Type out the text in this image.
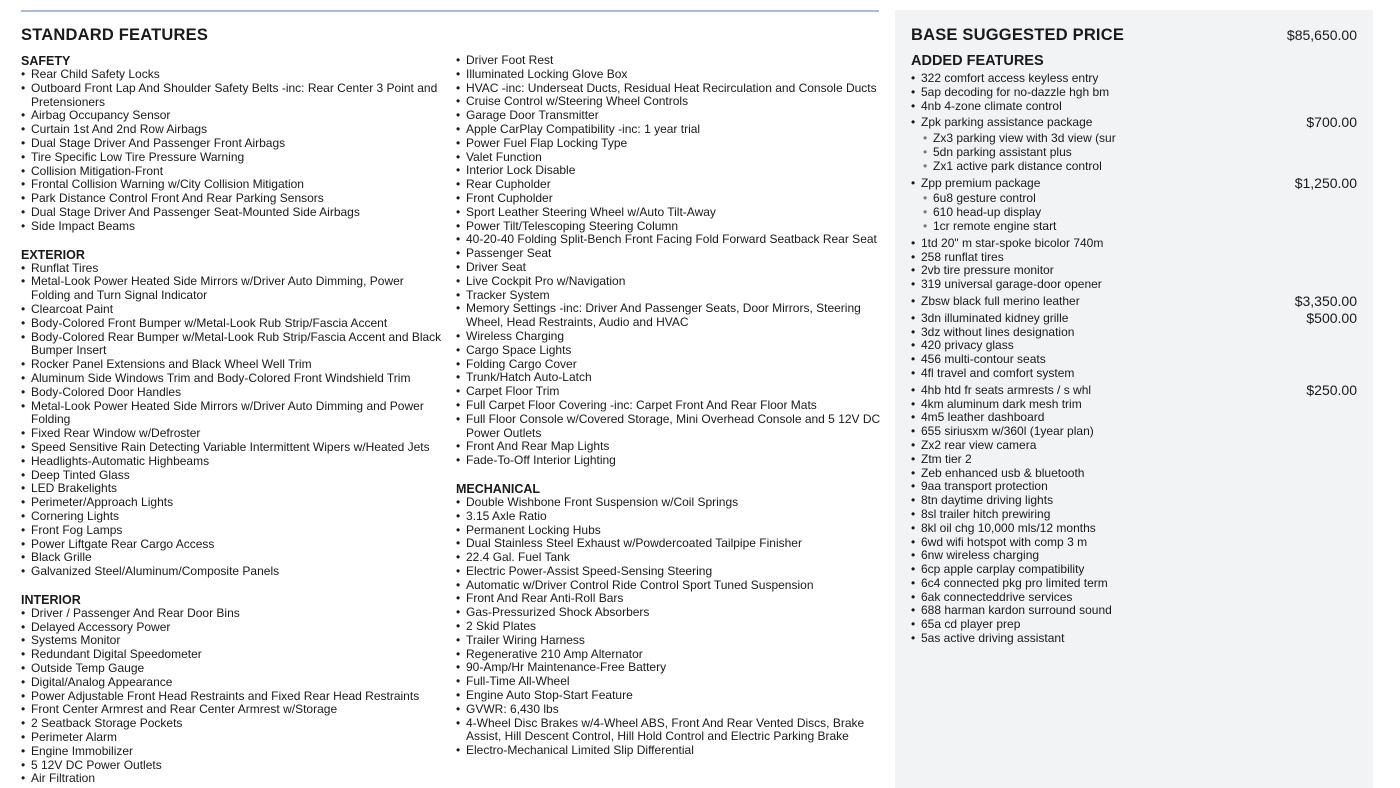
STANDARD FEATURES
SAFETY
• Rear Child Safety Locks
• Outboard Front Lap And Shoulder Safety Belts -inc: Rear Center 3 Point and Pretensioners
• Airbag Occupancy Sensor
• Curtain 1st And 2nd Row Airbags
• Dual Stage Driver And Passenger Front Airbags
• Tire Specific Low Tire Pressure Warning
• Collision Mitigation-Front
• Frontal Collision Warning w/City Collision Mitigation
• Park Distance Control Front And Rear Parking Sensors
• Dual Stage Driver And Passenger Seat-Mounted Side Airbags
• Side Impact Beams
EXTERIOR
• Runflat Tires
• Metal-Look Power Heated Side Mirrors w/Driver Auto Dimming, Power Folding and Turn Signal Indicator
• Clearcoat Paint
• Body-Colored Front Bumper w/Metal-Look Rub Strip/Fascia Accent
• Body-Colored Rear Bumper w/Metal-Look Rub Strip/Fascia Accent and Black Bumper Insert
• Rocker Panel Extensions and Black Wheel Well Trim
• Aluminum Side Windows Trim and Body-Colored Front Windshield Trim
• Body-Colored Door Handles
• Metal-Look Power Heated Side Mirrors w/Driver Auto Dimming and Power Folding
• Fixed Rear Window w/Defroster
• Speed Sensitive Rain Detecting Variable Intermittent Wipers w/Heated Jets
• Headlights-Automatic Highbeams
• Deep Tinted Glass
• LED Brakelights
• Perimeter/Approach Lights
• Cornering Lights
• Front Fog Lamps
• Power Liftgate Rear Cargo Access
• Black Grille
• Galvanized Steel/Aluminum/Composite Panels
INTERIOR
• Driver / Passenger And Rear Door Bins
• Delayed Accessory Power
• Systems Monitor
• Redundant Digital Speedometer
• Outside Temp Gauge
• Digital/Analog Appearance
• Power Adjustable Front Head Restraints and Fixed Rear Head Restraints
• Front Center Armrest and Rear Center Armrest w/Storage
• 2 Seatback Storage Pockets
• Perimeter Alarm
• Engine Immobilizer
• 5 12V DC Power Outlets
• Air Filtration
• Driver Foot Rest
• Illuminated Locking Glove Box
• HVAC -inc: Underseat Ducts, Residual Heat Recirculation and Console Ducts
• Cruise Control w/Steering Wheel Controls
• Garage Door Transmitter
• Apple CarPlay Compatibility -inc: 1 year trial
• Power Fuel Flap Locking Type
• Valet Function
• Interior Lock Disable
• Rear Cupholder
• Front Cupholder
• Sport Leather Steering Wheel w/Auto Tilt-Away
• Power Tilt/Telescoping Steering Column
• 40-20-40 Folding Split-Bench Front Facing Fold Forward Seatback Rear Seat
• Passenger Seat
• Driver Seat
• Live Cockpit Pro w/Navigation
• Tracker System
• Memory Settings -inc: Driver And Passenger Seats, Door Mirrors, Steering Wheel, Head Restraints, Audio and HVAC
• Wireless Charging
• Cargo Space Lights
• Folding Cargo Cover
• Trunk/Hatch Auto-Latch
• Carpet Floor Trim
• Full Carpet Floor Covering -inc: Carpet Front And Rear Floor Mats
• Full Floor Console w/Covered Storage, Mini Overhead Console and 5 12V DC Power Outlets
• Front And Rear Map Lights
• Fade-To-Off Interior Lighting
MECHANICAL
• Double Wishbone Front Suspension w/Coil Springs
• 3.15 Axle Ratio
• Permanent Locking Hubs
• Dual Stainless Steel Exhaust w/Powdercoated Tailpipe Finisher
• 22.4 Gal. Fuel Tank
• Electric Power-Assist Speed-Sensing Steering
• Automatic w/Driver Control Ride Control Sport Tuned Suspension
• Front And Rear Anti-Roll Bars
• Gas-Pressurized Shock Absorbers
• 2 Skid Plates
• Trailer Wiring Harness
• Regenerative 210 Amp Alternator
• 90-Amp/Hr Maintenance-Free Battery
• Full-Time All-Wheel
• Engine Auto Stop-Start Feature
• GVWR: 6,430 lbs
• 4-Wheel Disc Brakes w/4-Wheel ABS, Front And Rear Vented Discs, Brake Assist, Hill Descent Control, Hill Hold Control and Electric Parking Brake
• Electro-Mechanical Limited Slip Differential
BASE SUGGESTED PRICE	$85,650.00
ADDED FEATURES
• 322 comfort access keyless entry
• 5ap decoding for no-dazzle hgh bm
• 4nb 4-zone climate control
• Zpk parking assistance package	$700.00
• Zx3 parking view with 3d view (sur
• 5dn parking assistant plus
• Zx1 active park distance control
• Zpp premium package	$1,250.00
• 6u8 gesture control
• 610 head-up display
• 1cr remote engine start
• 1td 20" m star-spoke bicolor 740m
• 258 runflat tires
• 2vb tire pressure monitor
• 319 universal garage-door opener
• Zbsw black full merino leather	$3,350.00
• 3dn illuminated kidney grille	$500.00
• 3dz without lines designation
• 420 privacy glass
• 456 multi-contour seats
• 4fl travel and comfort system
• 4hb htd fr seats armrests / s whl	$250.00
• 4km aluminum dark mesh trim
• 4m5 leather dashboard
• 655 siriusxm w/360l (1year plan)
• Zx2 rear view camera
• Ztm tier 2
• Zeb enhanced usb & bluetooth
• 9aa transport protection
• 8tn daytime driving lights
• 8sl trailer hitch prewiring
• 8kl oil chg 10,000 mls/12 months
• 6wd wifi hotspot with comp 3 m
• 6nw wireless charging
• 6cp apple carplay compatibility
• 6c4 connected pkg pro limited term
• 6ak connecteddrive services
• 688 harman kardon surround sound
• 65a cd player prep
• 5as active driving assistant
